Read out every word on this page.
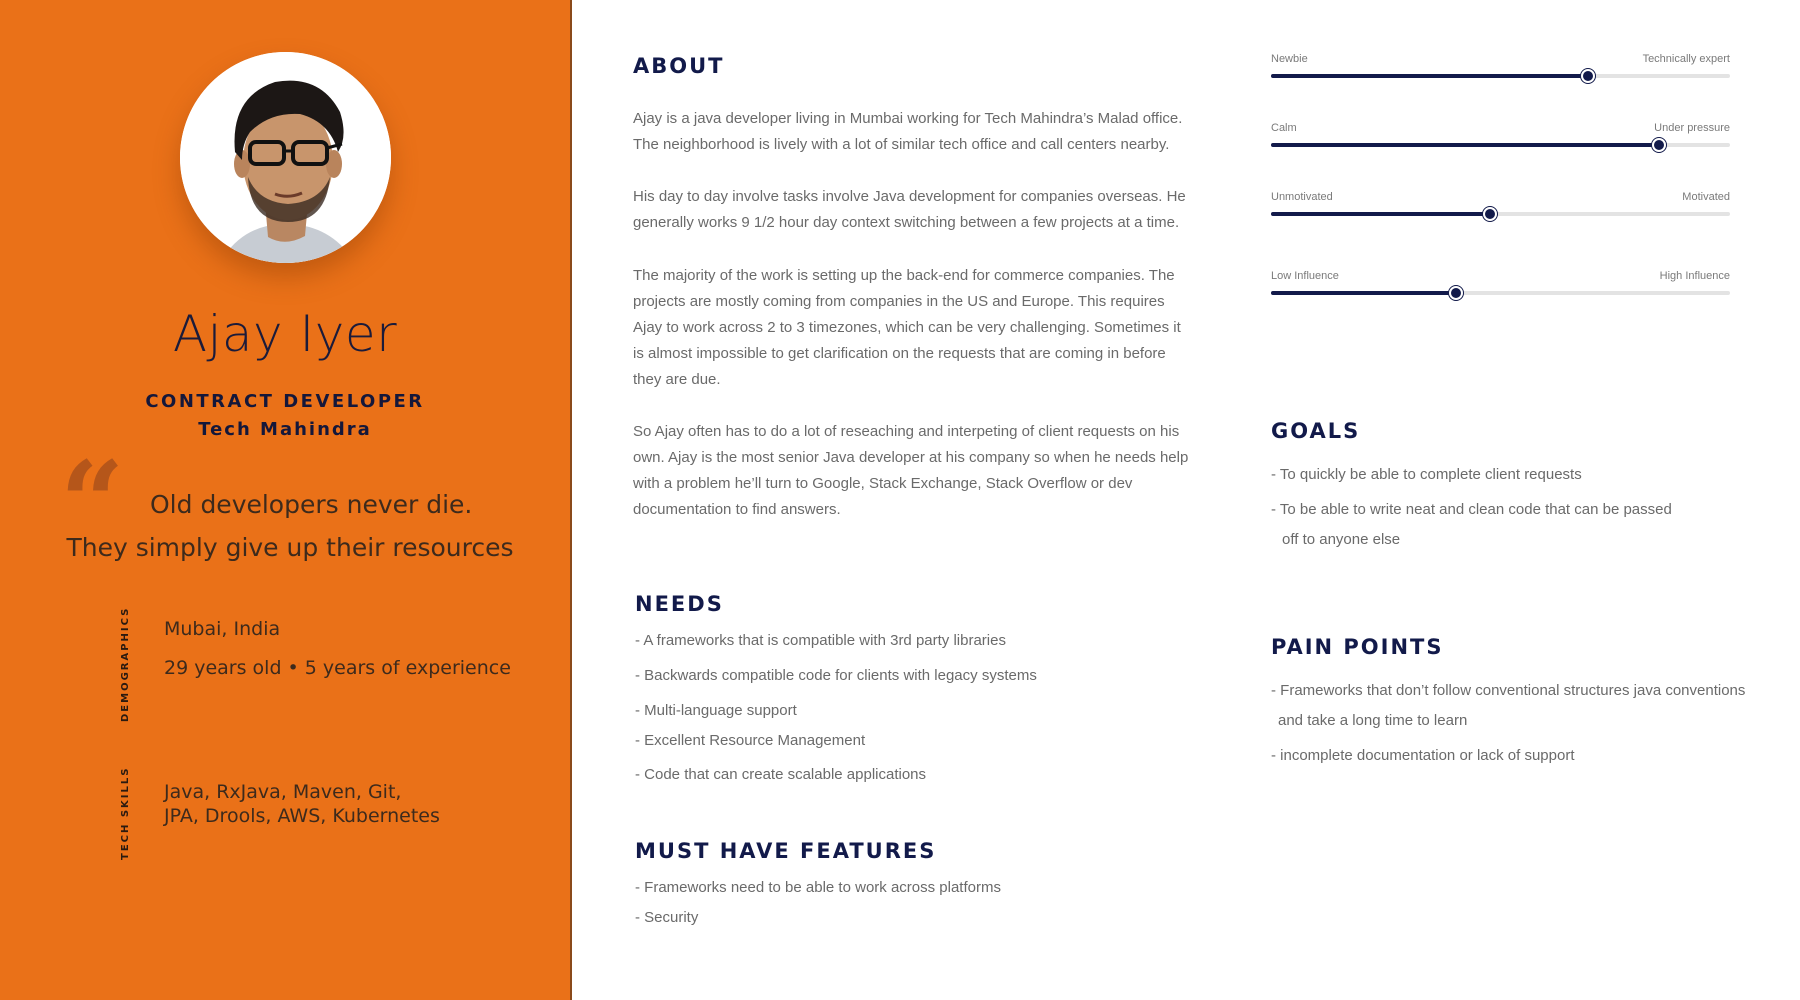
Ajay Iyer
CONTRACT DEVELOPER
Tech Mahindra
“ Old developers never die.
They simply give up their resources
DEMOGRAPHICS Mubai, India
29 years old • 5 years of experience
TECH SKILLS Java, RxJava, Maven, Git,
JPA, Drools, AWS, Kubernetes
ABOUT
Ajay is a java developer living in Mumbai working for Tech Mahindra’s Malad office. The neighborhood is lively with a lot of similar tech office and call centers nearby.
His day to day involve tasks involve Java development for companies overseas. He generally works 9 1/2 hour day context switching between a few projects at a time.
The majority of the work is setting up the back-end for commerce companies. The projects are mostly coming from companies in the US and Europe. This requires Ajay to work across 2 to 3 timezones, which can be very challenging. Sometimes it is almost impossible to get clarification on the requests that are coming in before they are due.
So Ajay often has to do a lot of reseaching and interpeting of client requests on his own. Ajay is the most senior Java developer at his company so when he needs help with a problem he’ll turn to Google, Stack Exchange, Stack Overflow or dev documentation to find answers.
NEEDS
- A frameworks that is compatible with 3rd party libraries
- Backwards compatible code for clients with legacy systems
- Multi-language support
- Excellent Resource Management
- Code that can create scalable applications
MUST HAVE FEATURES
- Frameworks need to be able to work across platforms
- Security
Newbie	Technically expert
Calm	Under pressure
Unmotivated	Motivated
Low Influence	High Influence
GOALS
- To quickly be able to complete client requests
- To be able to write neat and clean code that can be passed
off to anyone else
PAIN POINTS
- Frameworks that don’t follow conventional structures java conventions
and take a long time to learn
- incomplete documentation or lack of support
